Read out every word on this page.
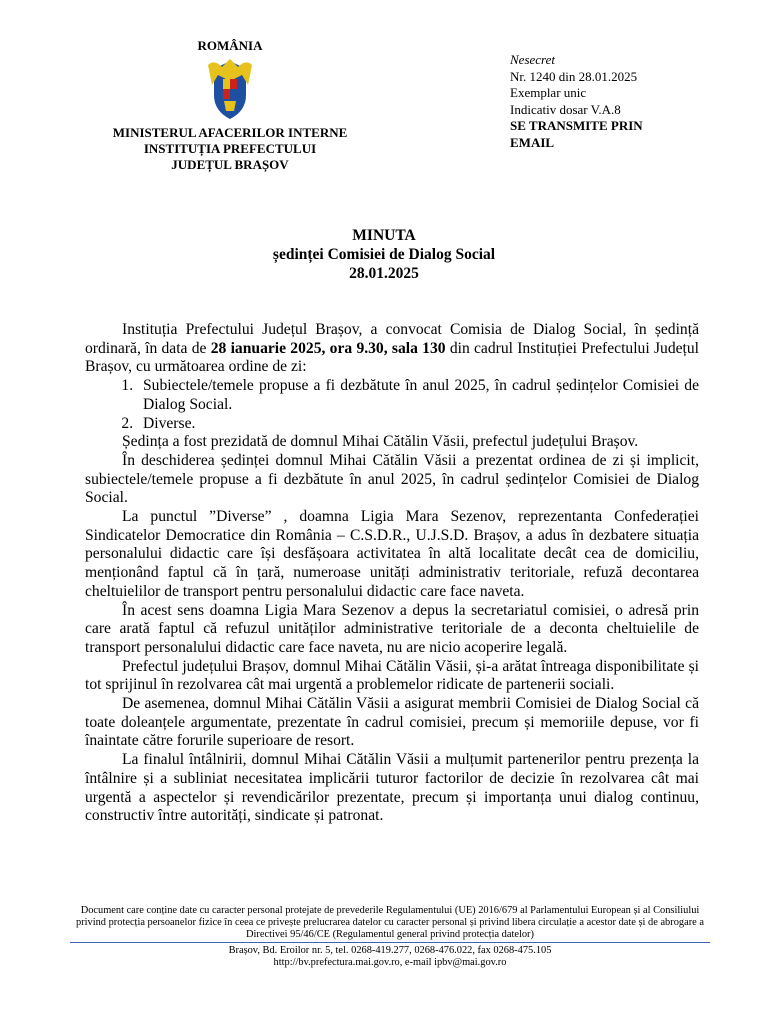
ROMÂNIA
MINISTERUL AFACERILOR INTERNE
INSTITUȚIA PREFECTULUI
JUDEȚUL BRAȘOV
Nesecret
Nr. 1240 din 28.01.2025
Exemplar unic
Indicativ dosar V.A.8
SE TRANSMITE PRIN
EMAIL
MINUTA
ședinței Comisiei de Dialog Social
28.01.2025

Instituția Prefectului Județul Brașov, a convocat Comisia de Dialog Social, în ședință ordinară, în data de 28 ianuarie 2025, ora 9.30, sala 130 din cadrul Instituției Prefectului Județul Brașov, cu următoarea ordine de zi:

1. Subiectele/temele propuse a fi dezbătute în anul 2025, în cadrul ședințelor Comisiei de Dialog Social.
2. Diverse.

Ședința a fost prezidată de domnul Mihai Cătălin Văsii, prefectul județului Brașov.

În deschiderea ședinței domnul Mihai Cătălin Văsii a prezentat ordinea de zi și implicit, subiectele/temele propuse a fi dezbătute în anul 2025, în cadrul ședințelor Comisiei de Dialog Social.

La punctul ”Diverse” , doamna Ligia Mara Sezenov, reprezentanta Confederației Sindicatelor Democratice din România – C.S.D.R., U.J.S.D. Brașov, a adus în dezbatere situația personalului didactic care își desfășoara activitatea în altă localitate decât cea de domiciliu, menționând faptul că în țară, numeroase unități administrativ teritoriale, refuză decontarea cheltuielilor de transport pentru personalului didactic care face naveta.

În acest sens doamna Ligia Mara Sezenov a depus la secretariatul comisiei, o adresă prin care arată faptul că refuzul unităților administrative teritoriale de a deconta cheltuielile de transport personalului didactic care face naveta, nu are nicio acoperire legală.

Prefectul județului Brașov, domnul Mihai Cătălin Văsii, și-a arătat întreaga disponibilitate și tot sprijinul în rezolvarea cât mai urgentă a problemelor ridicate de partenerii sociali.

De asemenea, domnul Mihai Cătălin Văsii a asigurat membrii Comisiei de Dialog Social că toate doleanțele argumentate, prezentate în cadrul comisiei, precum și memoriile depuse, vor fi înaintate către forurile superioare de resort.

La finalul întâlnirii, domnul Mihai Cătălin Văsii a mulțumit partenerilor pentru prezența la întâlnire și a subliniat necesitatea implicării tuturor factorilor de decizie în rezolvarea cât mai urgentă a aspectelor și revendicărilor prezentate, precum și importanța unui dialog continuu, constructiv între autorități, sindicate și patronat.

Document care conține date cu caracter personal protejate de prevederile Regulamentului (UE) 2016/679 al Parlamentului European și al Consiliului privind protecția persoanelor fizice în ceea ce privește prelucrarea datelor cu caracter personal și privind libera circulație a acestor date și de abrogare a Directivei 95/46/CE (Regulamentul general privind protecția datelor)
Brașov, Bd. Eroilor nr. 5, tel. 0268-419.277, 0268-476.022, fax 0268-475.105
http://bv.prefectura.mai.gov.ro, e-mail ipbv@mai.gov.ro
